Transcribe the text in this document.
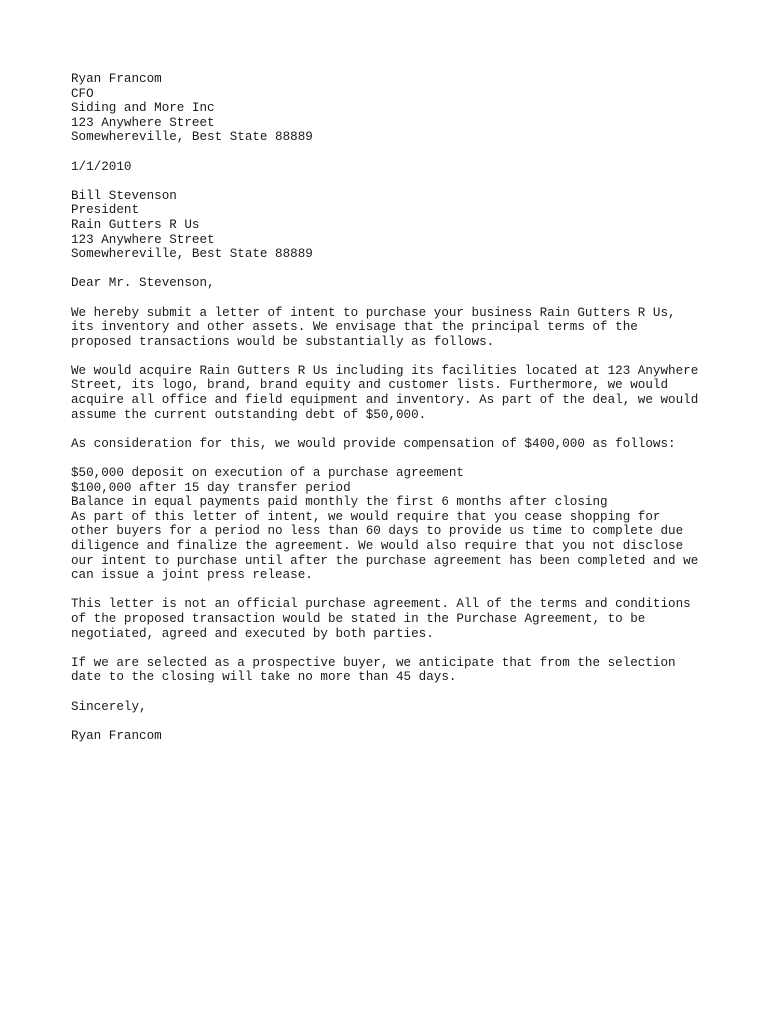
Ryan Francom
CFO
Siding and More Inc
123 Anywhere Street
Somewhereville, Best State 88889
1/1/2010
Bill Stevenson
President
Rain Gutters R Us
123 Anywhere Street
Somewhereville, Best State 88889
Dear Mr. Stevenson,
We hereby submit a letter of intent to purchase your business Rain Gutters R Us,
its inventory and other assets. We envisage that the principal terms of the
proposed transactions would be substantially as follows.
We would acquire Rain Gutters R Us including its facilities located at 123 Anywhere
Street, its logo, brand, brand equity and customer lists. Furthermore, we would
acquire all office and field equipment and inventory. As part of the deal, we would
assume the current outstanding debt of $50,000.
As consideration for this, we would provide compensation of $400,000 as follows:
$50,000 deposit on execution of a purchase agreement
$100,000 after 15 day transfer period
Balance in equal payments paid monthly the first 6 months after closing
As part of this letter of intent, we would require that you cease shopping for
other buyers for a period no less than 60 days to provide us time to complete due
diligence and finalize the agreement. We would also require that you not disclose
our intent to purchase until after the purchase agreement has been completed and we
can issue a joint press release.
This letter is not an official purchase agreement. All of the terms and conditions
of the proposed transaction would be stated in the Purchase Agreement, to be
negotiated, agreed and executed by both parties.
If we are selected as a prospective buyer, we anticipate that from the selection
date to the closing will take no more than 45 days.
Sincerely,
Ryan Francom
